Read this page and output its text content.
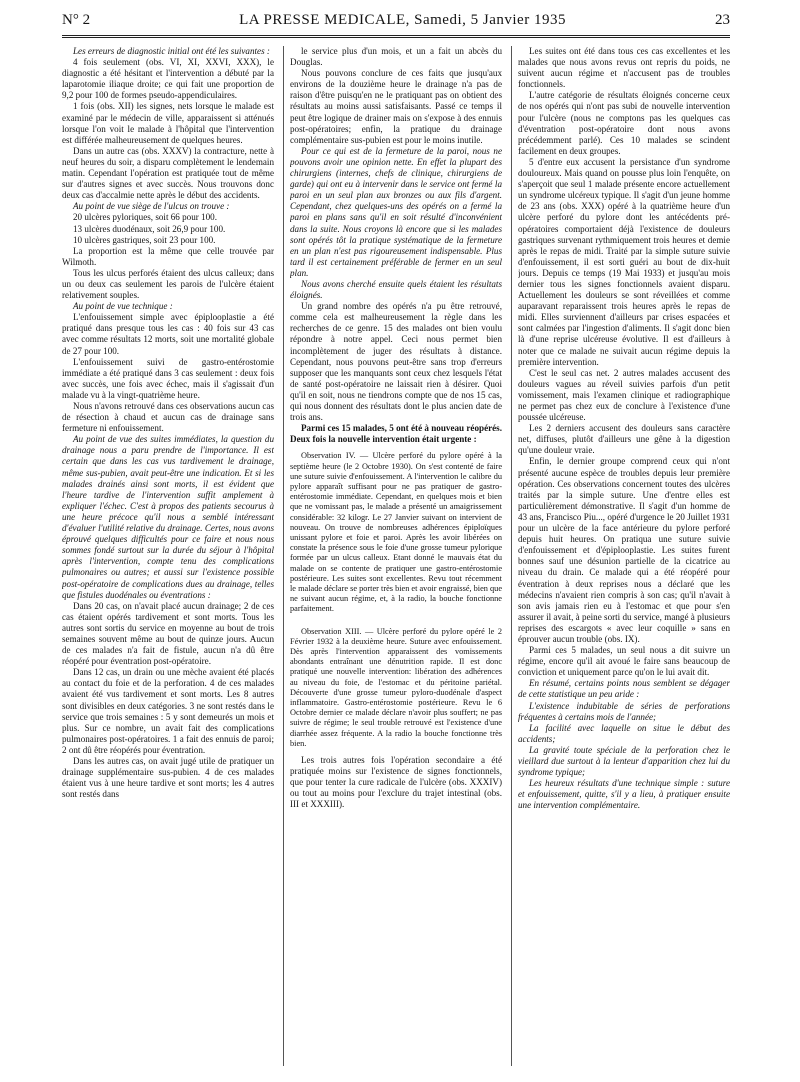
N° 2	LA PRESSE MEDICALE, Samedi, 5 Janvier 1935	23

Les erreurs de diagnostic initial ont été les suivantes :

4 fois seulement (obs. VI, XI, XXVI, XXX), le diagnostic a été hésitant et l'intervention a débuté par la laparotomie iliaque droite; ce qui fait une proportion de 9,2 pour 100 de formes pseudo-appendiculaires.

1 fois (obs. XII) les signes, nets lorsque le malade est examiné par le médecin de ville, apparaissent si atténués lorsque l'on voit le malade à l'hôpital que l'intervention est différée malheureusement de quelques heures.

Dans un autre cas (obs. XXXV) la contracture, nette à neuf heures du soir, a disparu complètement le lendemain matin. Cependant l'opération est pratiquée tout de même sur d'autres signes et avec succès. Nous trouvons donc deux cas d'accalmie nette après le début des accidents.

Au point de vue siège de l'ulcus on trouve :

20 ulcères pyloriques, soit 66 pour 100.

13 ulcères duodénaux, soit 26,9 pour 100.

10 ulcères gastriques, soit 23 pour 100.

La proportion est la même que celle trouvée par Wilmoth.

Tous les ulcus perforés étaient des ulcus calleux; dans un ou deux cas seulement les parois de l'ulcère étaient relativement souples.

Au point de vue technique :

L'enfouissement simple avec épiplooplastie a été pratiqué dans presque tous les cas : 40 fois sur 43 cas avec comme résultats 12 morts, soit une mortalité globale de 27 pour 100.

L'enfouissement suivi de gastro-entérostomie immédiate a été pratiqué dans 3 cas seulement : deux fois avec succès, une fois avec échec, mais il s'agissait d'un malade vu à la vingt-quatrième heure.

Nous n'avons retrouvé dans ces observations aucun cas de résection à chaud et aucun cas de drainage sans fermeture ni enfouissement.

Au point de vue des suites immédiates, la question du drainage nous a paru prendre de l'importance. Il est certain que dans les cas vus tardivement le drainage, même sus-pubien, avait peut-être une indication. Et si les malades drainés ainsi sont morts, il est évident que l'heure tardive de l'intervention suffit amplement à expliquer l'échec. C'est à propos des patients secourus à une heure précoce qu'il nous a semblé intéressant d'évaluer l'utilité relative du drainage. Certes, nous avons éprouvé quelques difficultés pour ce faire et nous nous sommes fondé surtout sur la durée du séjour à l'hôpital après l'intervention, compte tenu des complications pulmonaires ou autres; et aussi sur l'existence possible post-opératoire de complications dues au drainage, telles que fistules duodénales ou éventrations :

Dans 20 cas, on n'avait placé aucun drainage; 2 de ces cas étaient opérés tardivement et sont morts. Tous les autres sont sortis du service en moyenne au bout de trois semaines souvent même au bout de quinze jours. Aucun de ces malades n'a fait de fistule, aucun n'a dû être réopéré pour éventration post-opératoire.

Dans 12 cas, un drain ou une mèche avaient été placés au contact du foie et de la perforation. 4 de ces malades avaient été vus tardivement et sont morts. Les 8 autres sont divisibles en deux catégories. 3 ne sont restés dans le service que trois semaines : 5 y sont demeurés un mois et plus. Sur ce nombre, un avait fait des complications pulmonaires post-opératoires. 1 a fait des ennuis de paroi; 2 ont dû être réopérés pour éventration.

Dans les autres cas, on avait jugé utile de pratiquer un drainage supplémentaire sus-pubien. 4 de ces malades étaient vus à une heure tardive et sont morts; les 4 autres sont restés dans

le service plus d'un mois, et un a fait un abcès du Douglas.

Nous pouvons conclure de ces faits que jusqu'aux environs de la douzième heure le drainage n'a pas de raison d'être puisqu'en ne le pratiquant pas on obtient des résultats au moins aussi satisfaisants. Passé ce temps il peut être logique de drainer mais on s'expose à des ennuis post-opératoires; enfin, la pratique du drainage complémentaire sus-pubien est pour le moins inutile.

Pour ce qui est de la fermeture de la paroi, nous ne pouvons avoir une opinion nette. En effet la plupart des chirurgiens (internes, chefs de clinique, chirurgiens de garde) qui ont eu à intervenir dans le service ont fermé la paroi en un seul plan aux bronzes ou aux fils d'argent. Cependant, chez quelques-uns des opérés on a fermé la paroi en plans sans qu'il en soit résulté d'inconvénient dans la suite. Nous croyons là encore que si les malades sont opérés tôt la pratique systématique de la fermeture en un plan n'est pas rigoureusement indispensable. Plus tard il est certainement préférable de fermer en un seul plan.

Nous avons cherché ensuite quels étaient les résultats éloignés.

Un grand nombre des opérés n'a pu être retrouvé, comme cela est malheureusement la règle dans les recherches de ce genre. 15 des malades ont bien voulu répondre à notre appel. Ceci nous permet bien incomplètement de juger des résultats à distance. Cependant, nous pouvons peut-être sans trop d'erreurs supposer que les manquants sont ceux chez lesquels l'état de santé post-opératoire ne laissait rien à désirer. Quoi qu'il en soit, nous ne tiendrons compte que de nos 15 cas, qui nous donnent des résultats dont le plus ancien date de trois ans.

Parmi ces 15 malades, 5 ont été à nouveau réopérés. Deux fois la nouvelle intervention était urgente :

Observation IV. — Ulcère perforé du pylore opéré à la septième heure (le 2 Octobre 1930). On s'est contenté de faire une suture suivie d'enfouissement. A l'intervention le calibre du pylore apparaît suffisant pour ne pas pratiquer de gastro-entérostomie immédiate. Cependant, en quelques mois et bien que ne vomissant pas, le malade a présenté un amaigrissement considérable: 32 kilogr. Le 27 Janvier suivant on intervient de nouveau. On trouve de nombreuses adhérences épiploïques unissant pylore et foie et paroi. Après les avoir libérées on constate la présence sous le foie d'une grosse tumeur pylorique formée par un ulcus calleux. Etant donné le mauvais état du malade on se contente de pratiquer une gastro-entérostomie postérieure. Les suites sont excellentes. Revu tout récemment le malade déclare se porter très bien et avoir engraissé, bien que ne suivant aucun régime, et, à la radio, la bouche fonctionne parfaitement.

Observation XIII. — Ulcère perforé du pylore opéré le 2 Février 1932 à la deuxième heure. Suture avec enfouissement. Dès après l'intervention apparaissent des vomissements abondants entraînant une dénutrition rapide. Il est donc pratiqué une nouvelle intervention: libération des adhérences au niveau du foie, de l'estomac et du péritoine pariétal. Découverte d'une grosse tumeur pyloro-duodénale d'aspect inflammatoire. Gastro-entérostomie postérieure. Revu le 6 Octobre dernier ce malade déclare n'avoir plus souffert; ne pas suivre de régime; le seul trouble retrouvé est l'existence d'une diarrhée assez fréquente. A la radio la bouche fonctionne très bien.

Les trois autres fois l'opération secondaire a été pratiquée moins sur l'existence de signes fonctionnels, que pour tenter la cure radicale de l'ulcère (obs. XXXIV) ou tout au moins pour l'exclure du trajet intestinal (obs. III et XXXIII).

Les suites ont été dans tous ces cas excellentes et les malades que nous avons revus ont repris du poids, ne suivent aucun régime et n'accusent pas de troubles fonctionnels.

L'autre catégorie de résultats éloignés concerne ceux de nos opérés qui n'ont pas subi de nouvelle intervention pour l'ulcère (nous ne comptons pas les quelques cas d'éventration post-opératoire dont nous avons précédemment parlé). Ces 10 malades se scindent facilement en deux groupes.

5 d'entre eux accusent la persistance d'un syndrome douloureux. Mais quand on pousse plus loin l'enquête, on s'aperçoit que seul 1 malade présente encore actuellement un syndrome ulcéreux typique. Il s'agit d'un jeune homme de 23 ans (obs. XXX) opéré à la quatrième heure d'un ulcère perforé du pylore dont les antécédents pré-opératoires comportaient déjà l'existence de douleurs gastriques survenant rythmiquement trois heures et demie après le repas de midi. Traité par la simple suture suivie d'enfouissement, il est sorti guéri au bout de dix-huit jours. Depuis ce temps (19 Mai 1933) et jusqu'au mois dernier tous les signes fonctionnels avaient disparu. Actuellement les douleurs se sont réveillées et comme auparavant reparaissent trois heures après le repas de midi. Elles surviennent d'ailleurs par crises espacées et sont calmées par l'ingestion d'aliments. Il s'agit donc bien là d'une reprise ulcéreuse évolutive. Il est d'ailleurs à noter que ce malade ne suivait aucun régime depuis la première intervention.

C'est le seul cas net. 2 autres malades accusent des douleurs vagues au réveil suivies parfois d'un petit vomissement, mais l'examen clinique et radiographique ne permet pas chez eux de conclure à l'existence d'une poussée ulcéreuse.

Les 2 derniers accusent des douleurs sans caractère net, diffuses, plutôt d'ailleurs une gêne à la digestion qu'une douleur vraie.

Enfin, le dernier groupe comprend ceux qui n'ont présenté aucune espèce de troubles depuis leur première opération. Ces observations concernent toutes des ulcères traités par la simple suture. Une d'entre elles est particulièrement démonstrative. Il s'agit d'un homme de 43 ans, Francisco Piu..., opéré d'urgence le 20 Juillet 1931 pour un ulcère de la face antérieure du pylore perforé depuis huit heures. On pratiqua une suture suivie d'enfouissement et d'épiplooplastie. Les suites furent bonnes sauf une désunion partielle de la cicatrice au niveau du drain. Ce malade qui a été réopéré pour éventration à deux reprises nous a déclaré que les médecins n'avaient rien compris à son cas; qu'il n'avait à son avis jamais rien eu à l'estomac et que pour s'en assurer il avait, à peine sorti du service, mangé à plusieurs reprises des escargots « avec leur coquille » sans en éprouver aucun trouble (obs. IX).

Parmi ces 5 malades, un seul nous a dit suivre un régime, encore qu'il ait avoué le faire sans beaucoup de conviction et uniquement parce qu'on le lui avait dit.

En résumé, certains points nous semblent se dégager de cette statistique un peu aride :

L'existence indubitable de séries de perforations fréquentes à certains mois de l'année;

La facilité avec laquelle on situe le début des accidents;

La gravité toute spéciale de la perforation chez le vieillard due surtout à la lenteur d'apparition chez lui du syndrome typique;

Les heureux résultats d'une technique simple : suture et enfouissement, quitte, s'il y a lieu, à pratiquer ensuite une intervention complémentaire.
